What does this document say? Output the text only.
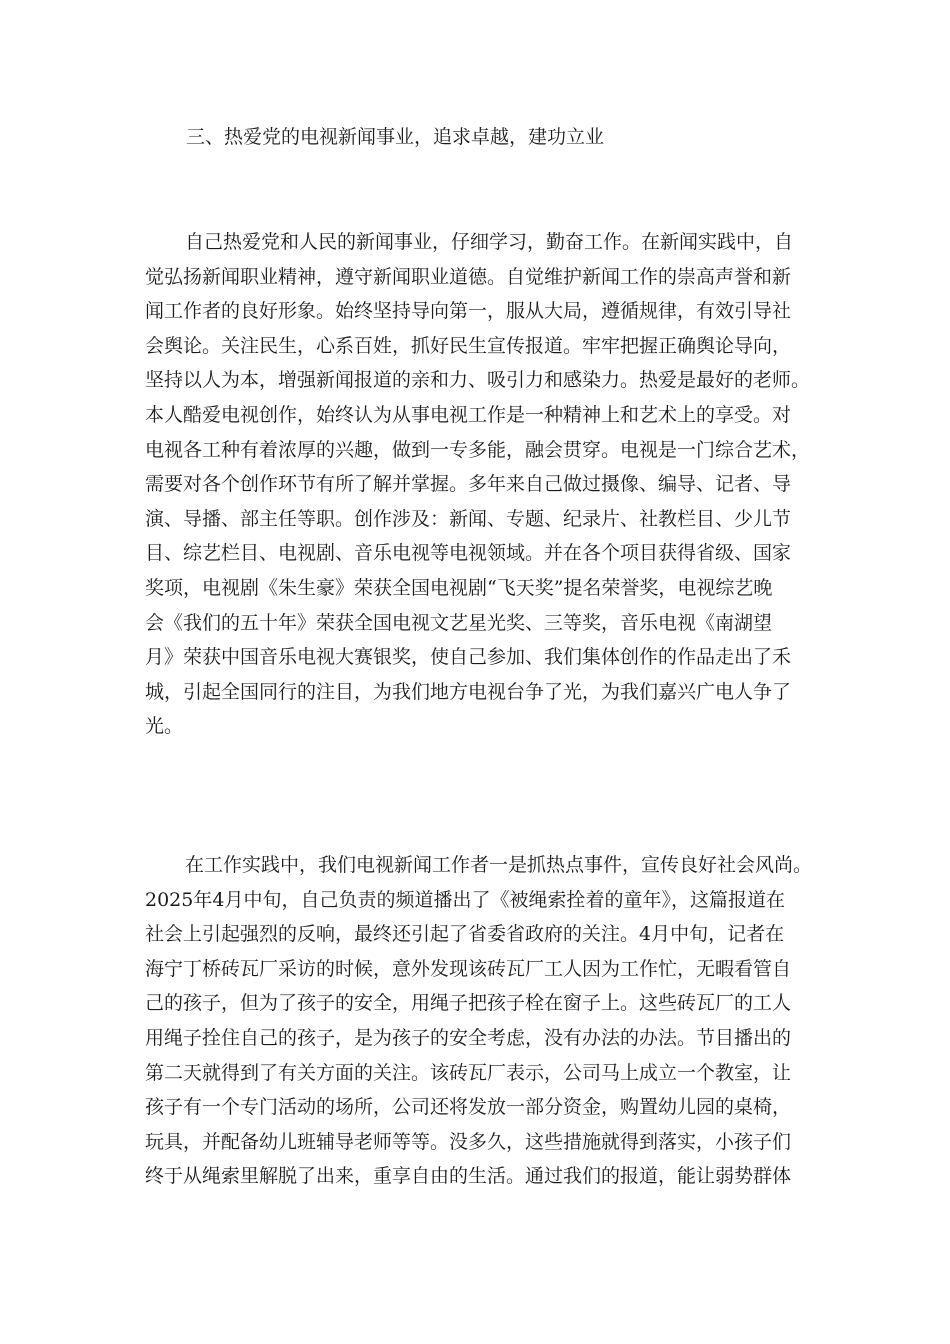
三、热爱党的电视新闻事业，追求卓越，建功立业
自己热爱党和人民的新闻事业，仔细学习，勤奋工作。在新闻实践中，自
觉弘扬新闻职业精神，遵守新闻职业道德。自觉维护新闻工作的崇高声誉和新
闻工作者的良好形象。始终坚持导向第一，服从大局，遵循规律，有效引导社
会舆论。关注民生，心系百姓，抓好民生宣传报道。牢牢把握正确舆论导向，
坚持以人为本，增强新闻报道的亲和力、吸引力和感染力。热爱是最好的老师。
本人酷爱电视创作，始终认为从事电视工作是一种精神上和艺术上的享受。对
电视各工种有着浓厚的兴趣，做到一专多能，融会贯穿。电视是一门综合艺术，
需要对各个创作环节有所了解并掌握。多年来自己做过摄像、编导、记者、导
演、导播、部主任等职。创作涉及：新闻、专题、纪录片、社教栏目、少儿节
目、综艺栏目、电视剧、音乐电视等电视领域。并在各个项目获得省级、国家
奖项，电视剧《朱生豪》荣获全国电视剧“飞天奖”提名荣誉奖，电视综艺晚
会《我们的五十年》荣获全国电视文艺星光奖、三等奖，音乐电视《南湖望
月》荣获中国音乐电视大赛银奖，使自己参加、我们集体创作的作品走出了禾
城，引起全国同行的注目，为我们地方电视台争了光，为我们嘉兴广电人争了
光。
在工作实践中，我们电视新闻工作者一是抓热点事件，宣传良好社会风尚。
2025年4月中旬，自己负责的频道播出了《被绳索拴着的童年》，这篇报道在
社会上引起强烈的反响，最终还引起了省委省政府的关注。4月中旬，记者在
海宁丁桥砖瓦厂采访的时候，意外发现该砖瓦厂工人因为工作忙，无暇看管自
己的孩子，但为了孩子的安全，用绳子把孩子栓在窗子上。这些砖瓦厂的工人
用绳子拴住自己的孩子，是为孩子的安全考虑，没有办法的办法。节目播出的
第二天就得到了有关方面的关注。该砖瓦厂表示，公司马上成立一个教室，让
孩子有一个专门活动的场所，公司还将发放一部分资金，购置幼儿园的桌椅，
玩具，并配备幼儿班辅导老师等等。没多久，这些措施就得到落实，小孩子们
终于从绳索里解脱了出来，重享自由的生活。通过我们的报道，能让弱势群体
